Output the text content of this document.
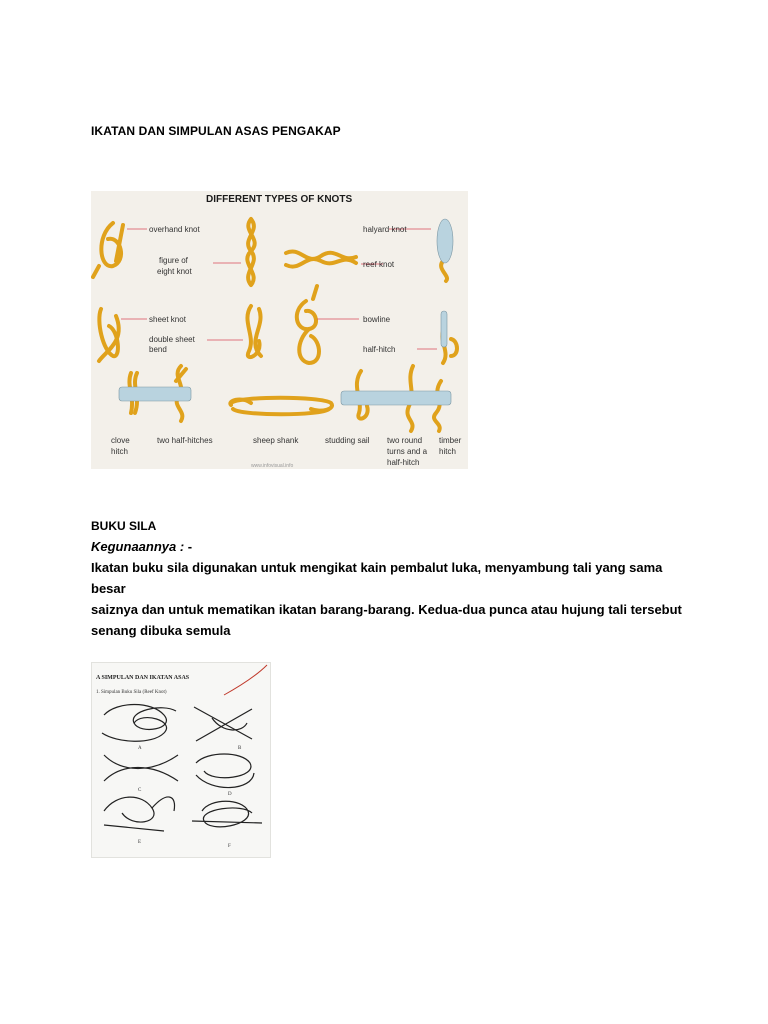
IKATAN DAN SIMPULAN ASAS PENGAKAP
DIFFERENT TYPES OF KNOTS
overhand knot
figure of
eight knot
halyard knot
reef knot
sheet knot
double sheet
bend
bowline
half-hitch
clove
hitch
two half-hitches	sheep shank	studding sail two round
turns and a
half-hitch
timber
hitch
www.infovisual.info
BUKU SILA
Kegunaannya : -

Ikatan buku sila digunakan untuk mengikat kain pembalut luka, menyambung tali yang sama besar

saiznya dan untuk mematikan ikatan barang-barang. Kedua-dua punca atau hujung tali tersebut

senang dibuka semula

A SIMPULAN DAN IKATAN ASAS
1. Simpulan Buku Sila (Reef Knot)
A	B
C
D
E
F
